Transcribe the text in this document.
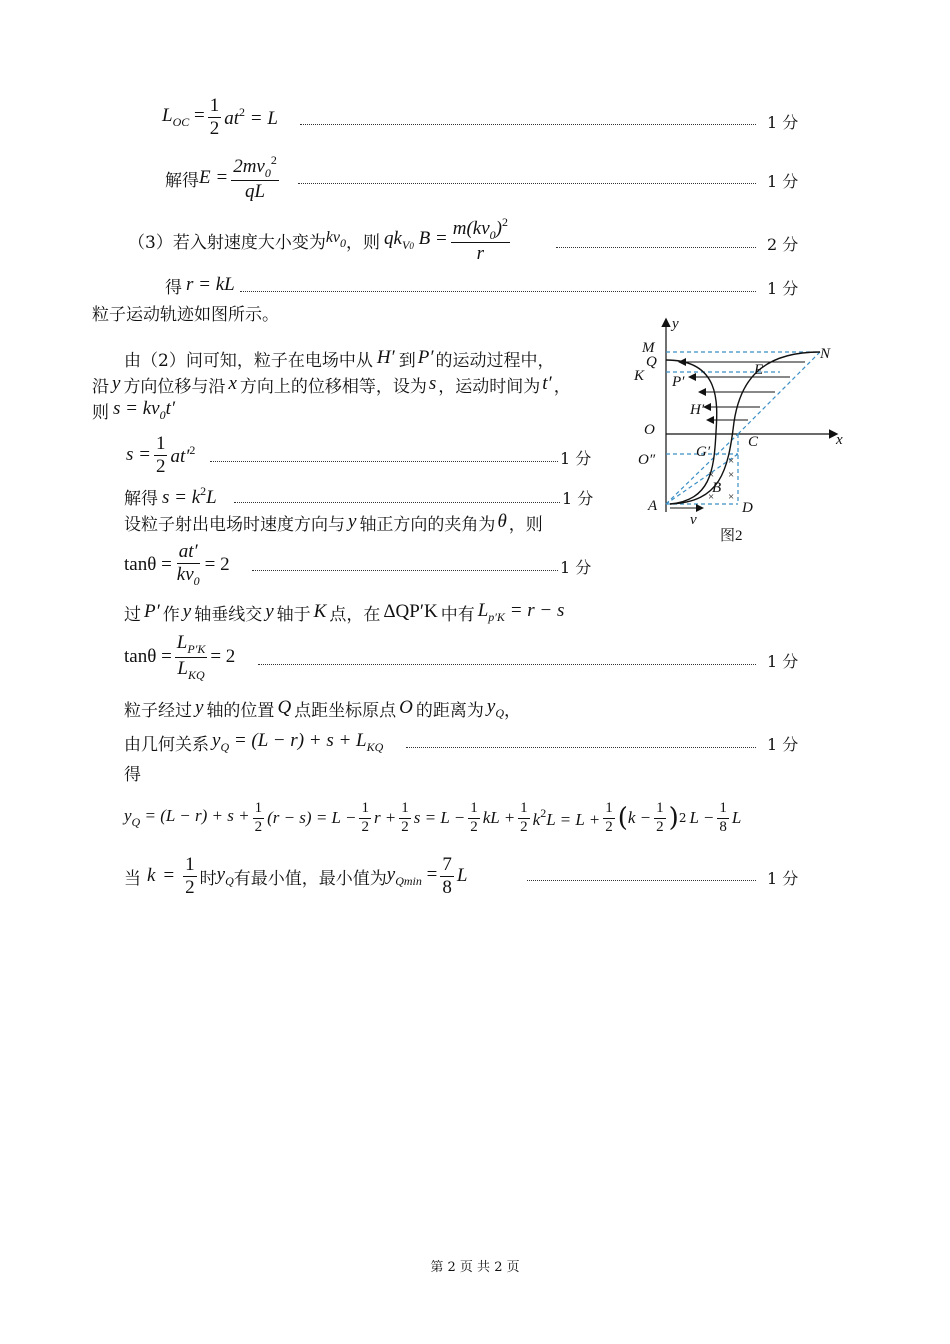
$L_{OC} = \frac{1}{2} at^2 = L$	1 分
解得 $E = \frac{2mv_0^2}{qL}$	1 分
（3）若入射速度大小变为 $kv_0$ ，则 $qk_{V0}$ $B = \frac{m(kv_0)^2}{r}$	2 分
得 r = kL	1 分
粒子运动轨迹如图所示。
由（2）问可知，粒子在电场中从 H′ 到 P′ 的运动过程中，
沿 y 方向位移与沿 x 方向上的位移相等，设为 s ，运动时间为 t′ ，
则 $s = kv_0t'$
$s = \frac{1}{2} at'^2$	1 分
解得 $s = k^2L$	1 分
设粒子射出电场时速度方向与 y 轴正方向的夹角为 θ ，则
$\tan\theta = \frac{at'}{kv_0} = 2$	1 分
过 P′ 作 y 轴垂线交 y 轴于 K 点，在 ΔQP′K 中有 $L_{p'K} = r - s$
$\tan\theta = \frac{L_{P'K}}{L_{KQ}} = 2$	1 分
粒子经过 y 轴的位置 Q 点距坐标原点 O 的距离为 $y_Q$ ，
由几何关系 $y_Q = (L - r) + s + L_{KQ}$	1 分
得
$y_Q = (L - r) + s + \frac{1}{2} (r - s) = L - \frac{1}{2}$ $r + \frac{1}{2}$ $s = L - \frac{1}{2}$ kL + $\frac{1}{2} k^2L = L + \frac{1}{2}$ ( $k - \frac{1}{2}$ ) 2 $L - \frac{1}{8}$ L
当 $k = \frac{1}{2}$ 时 $y_Q$ 有最小值，最小值为 $y_{Qmin} = \frac{7}{8}$ L	1 分
y
x
M
Q
K P′
N
E
H′
O
C
O″	G′
B
A	D
v
×
×
×
×
×
图2
第 2 页 共 2 页
